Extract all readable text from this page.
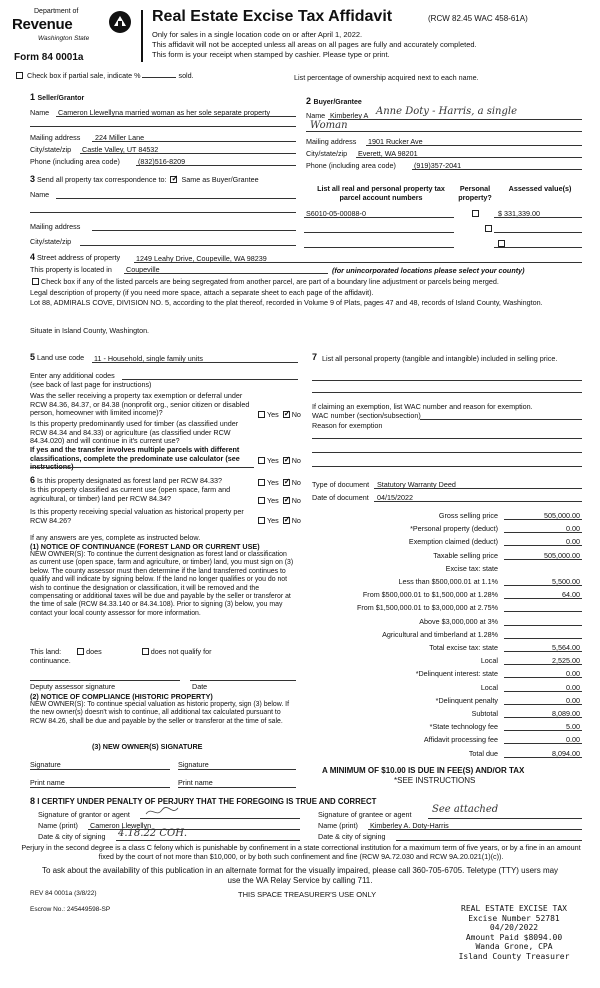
Department of
Revenue
Washington State
Form 84 0001a
Real Estate Excise Tax Affidavit	(RCW 82.45 WAC 458-61A)
Only for sales in a single location code on or after April 1, 2022.
This affidavit will not be accepted unless all areas on all pages are fully and accurately completed.
This form is your receipt when stamped by cashier. Please type or print.
Check box if partial sale, indicate %	sold.	List percentage of ownership acquired next to each name.
1 Seller/Grantor
Name Cameron Llewellyna married woman as her sole separate property
Mailing address 224 Miller Lane
City/state/zip Castle Valley, UT 84532
Phone (including area code)	(832)516-8209
2 Buyer/Grantee
Name Kimberley A Anne Doty - Harris, a single
Woman
Mailing address 1901 Rucker Ave
City/state/zip Everett, WA 98201
Phone (including area code)	(919)357-2041
3 Send all property tax correspondence to: ✓ Same as Buyer/Grantee
Name
Mailing address
City/state/zip
List all real and personal property tax parcel account numbers
Personal property?
Assessed value(s)
S6010-05-00088-0
	$ 331,339.00
4 Street address of property 1249 Leahy Drive, Coupeville, WA 98239
This property is located in Coupeville	(for unincorporated locations please select your county)
Check box if any of the listed parcels are being segregated from another parcel, are part of a boundary line adjustment or parcels being merged.
Legal description of property (if you need more space, attach a separate sheet to each page of the affidavit).
Lot 88, ADMIRALS COVE, DIVISION NO. 5, according to the plat thereof, recorded in Volume 9 of Plats, pages 47 and 48, records of Island County, Washington.
Situate in Island County, Washington.
5 Land use code 11 - Household, single family units
Enter any additional codes
(see back of last page for instructions)
Was the seller receiving a property tax exemption or deferral under RCW 84.36, 84.37, or 84.38 (nonprofit org., senior citizen or disabled person, homeowner with limited income)?	Yes ✓ No
Is this property predominantly used for timber (as classified under RCW 84.34 and 84.33) or agriculture (as classified under RCW 84.34.020) and will continue in it's current use?
If yes and the transfer involves multiple parcels with different classifications, complete the predominate use calculator (see instructions)
Yes ✓ No
7 List all personal property (tangible and intangible) included in selling price.
If claiming an exemption, list WAC number and reason for exemption.
WAC number (section/subsection)
Reason for exemption
6 Is this property designated as forest land per RCW 84.33?	Yes ✓ No
Is this property classified as current use (open space, farm and agricultural, or timber) land per RCW 84.34?	Yes ✓ No
Is this property receiving special valuation as historical property per RCW 84.26?	Yes ✓ No
If any answers are yes, complete as instructed below.
(1) NOTICE OF CONTINUANCE (FOREST LAND OR CURRENT USE)
NEW OWNER(S): To continue the current designation as forest land or classification as current use (open space, farm and agriculture, or timber) land, you must sign on (3) below. The county assessor must then determine if the land transferred continues to qualify and will indicate by signing below. If the land no longer qualifies or you do not wish to continue the designation or classification, it will be removed and the compensating or additional taxes will be due and payable by the seller or transferor at the time of sale (RCW 84.33.140 or 84.34.108). Prior to signing (3) below, you may contact your local county assessor for more information.
This land:	does	does not qualify for
continuance.
Deputy assessor signature	Date
(2) NOTICE OF COMPLIANCE (HISTORIC PROPERTY)
NEW OWNER(S): To continue special valuation as historic property, sign (3) below. If the new owner(s) doesn't wish to continue, all additional tax calculated pursuant to RCW 84.26, shall be due and payable by the seller or transferor at the time of sale.
(3) NEW OWNER(S) SIGNATURE
Signature	Signature
Print name	Print name
Type of document Statutory Warranty Deed
Date of document 04/15/2022
Gross selling price	505,000.00
*Personal property (deduct)	0.00
Exemption claimed (deduct)	0.00
Taxable selling price	505,000.00
Excise tax: state
Less than $500,000.01 at 1.1%	5,500.00
From $500,000.01 to $1,500,000 at 1.28%	64.00
From $1,500,000.01 to $3,000,000 at 2.75%
Above $3,000,000 at 3%
Agricultural and timberland at 1.28%
Total excise tax: state	5,564.00
Local	2,525.00
*Delinquent interest: state	0.00
Local	0.00
*Delinquent penalty	0.00
Subtotal	8,089.00
*State technology fee	5.00
Affidavit processing fee	0.00
Total due	8,094.00
A MINIMUM OF $10.00 IS DUE IN FEE(S) AND/OR TAX
*SEE INSTRUCTIONS
8 I CERTIFY UNDER PENALTY OF PERJURY THAT THE FOREGOING IS TRUE AND CORRECT
Signature of grantor or agent
Name (print) Cameron Llewellyn
Date & city of signing 4.18.22 COH.
Signature of grantee or agent See attached
Name (print) Kimberley A. Doty-Harris
Date & city of signing
Perjury in the second degree is a class C felony which is punishable by confinement in a state correctional institution for a maximum term of five years, or by a fine in an amount fixed by the court of not more than $10,000, or by both such confinement and fine (RCW 9A.72.030 and RCW 9A.20.021(1)(c)).
To ask about the availability of this publication in an alternate format for the visually impaired, please call 360-705-6705. Teletype (TTY) users may use the WA Relay Service by calling 711.
REV 84 0001a (3/8/22)	THIS SPACE TREASURER'S USE ONLY
Escrow No.: 245449598-SP	REAL ESTATE EXCISE TAX
Excise Number 52781
04/20/2022
Amount Paid $8094.00
Wanda Grone, CPA
Island County Treasurer
